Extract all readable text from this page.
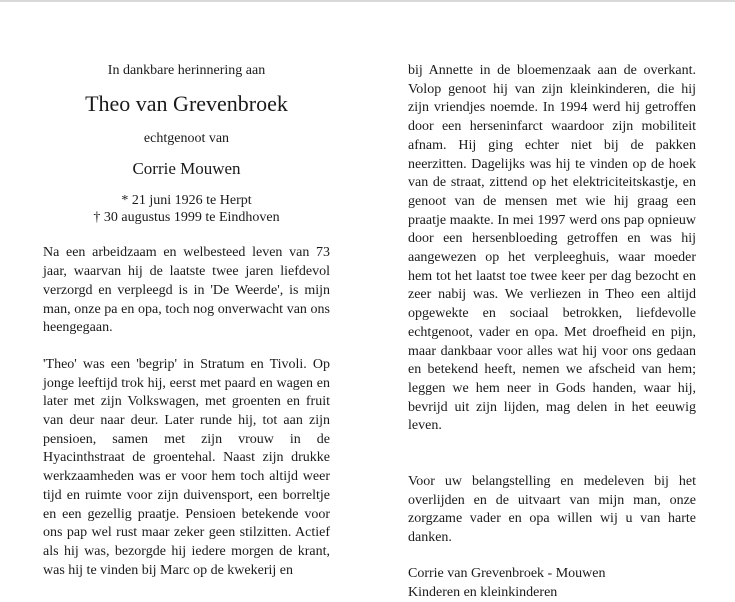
In dankbare herinnering aan
Theo van Grevenbroek
echtgenoot van
Corrie Mouwen
* 21 juni 1926 te Herpt
† 30 augustus 1999 te Eindhoven

Na een arbeidzaam en welbesteed leven van 73 jaar, waarvan hij de laatste twee jaren liefdevol verzorgd en verpleegd is in 'De Weerde', is mijn man, onze pa en opa, toch nog onverwacht van ons heengegaan.

'Theo' was een 'begrip' in Stratum en Tivoli. Op jonge leeftijd trok hij, eerst met paard en wagen en later met zijn Volkswagen, met groenten en fruit van deur naar deur. Later runde hij, tot aan zijn pensioen, samen met zijn vrouw in de Hyacinthstraat de groentehal. Naast zijn drukke werkzaamheden was er voor hem toch altijd weer tijd en ruimte voor zijn duivensport, een borreltje en een gezellig praatje. Pensioen betekende voor ons pap wel rust maar zeker geen stilzitten. Actief als hij was, bezorgde hij iedere morgen de krant, was hij te vinden bij Marc op de kwekerij en

bij Annette in de bloemenzaak aan de overkant. Volop genoot hij van zijn kleinkinderen, die hij zijn vriendjes noemde. In 1994 werd hij getroffen door een herseninfarct waardoor zijn mobiliteit afnam. Hij ging echter niet bij de pakken neerzitten. Dagelijks was hij te vinden op de hoek van de straat, zittend op het elektriciteitskastje, en genoot van de mensen met wie hij graag een praatje maakte. In mei 1997 werd ons pap opnieuw door een hersenbloeding getroffen en was hij aangewezen op het verpleeghuis, waar moeder hem tot het laatst toe twee keer per dag bezocht en zeer nabij was. We verliezen in Theo een altijd opgewekte en sociaal betrokken, liefdevolle echtgenoot, vader en opa. Met droefheid en pijn, maar dankbaar voor alles wat hij voor ons gedaan en betekend heeft, nemen we afscheid van hem; leggen we hem neer in Gods handen, waar hij, bevrijd uit zijn lijden, mag delen in het eeuwig leven.

Voor uw belangstelling en medeleven bij het overlijden en de uitvaart van mijn man, onze zorgzame vader en opa willen wij u van harte danken.

Corrie van Grevenbroek - Mouwen
Kinderen en kleinkinderen
